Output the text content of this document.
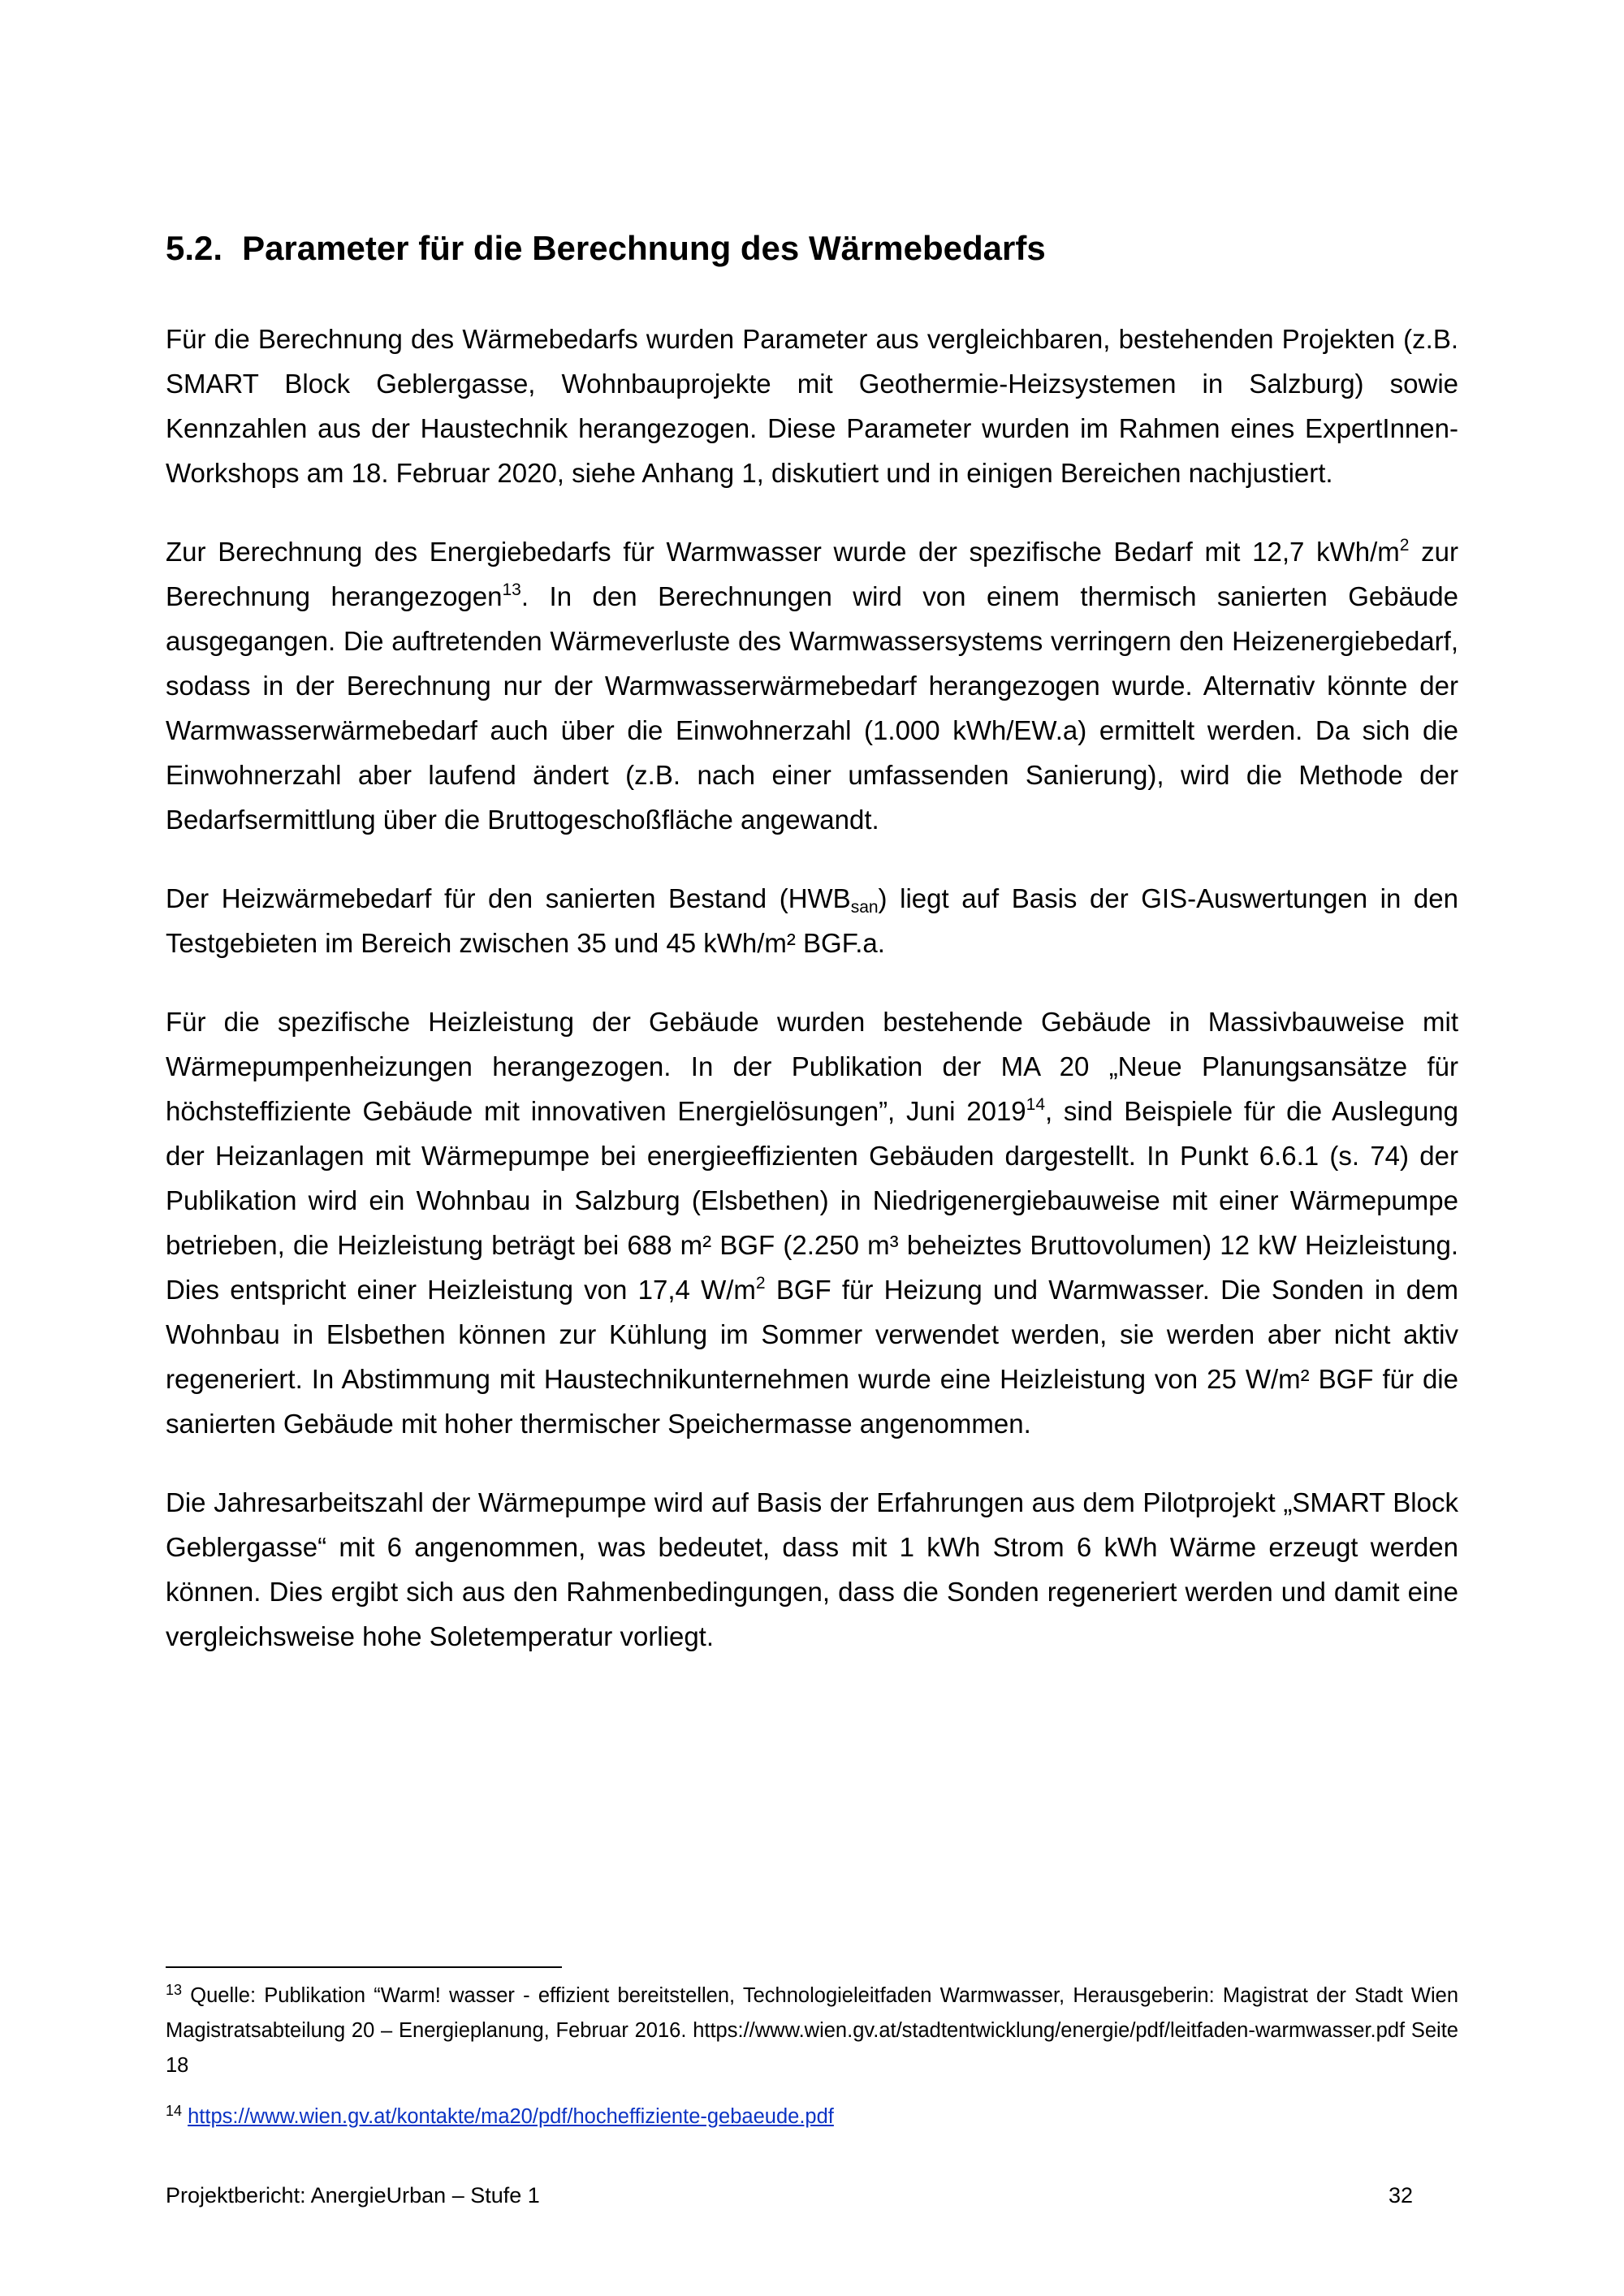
5.2. Parameter für die Berechnung des Wärmebedarfs

Für die Berechnung des Wärmebedarfs wurden Parameter aus vergleichbaren, bestehenden Projekten (z.B. SMART Block Geblergasse, Wohnbauprojekte mit Geothermie-Heizsystemen in Salzburg) sowie Kennzahlen aus der Haustechnik herangezogen. Diese Parameter wurden im Rahmen eines ExpertInnen-Workshops am 18. Februar 2020, siehe Anhang 1, diskutiert und in einigen Bereichen nachjustiert.

Zur Berechnung des Energiebedarfs für Warmwasser wurde der spezifische Bedarf mit 12,7 kWh/$m^2$ zur Berechnung herangezogen$^{13}$. In den Berechnungen wird von einem thermisch sanierten Gebäude ausgegangen. Die auftretenden Wärmeverluste des Warmwassersystems verringern den Heizenergiebedarf, sodass in der Berechnung nur der Warmwasserwärmebedarf herangezogen wurde. Alternativ könnte der Warmwasserwärmebedarf auch über die Einwohnerzahl (1.000 kWh/EW.a) ermittelt werden. Da sich die Einwohnerzahl aber laufend ändert (z.B. nach einer umfassenden Sanierung), wird die Methode der Bedarfsermittlung über die Bruttogeschoßfläche angewandt.

Der Heizwärmebedarf für den sanierten Bestand $(HWB_{san})$ liegt auf Basis der GIS-Auswertungen in den Testgebieten im Bereich zwischen 35 und 45 kWh/m² BGF.a.

Für die spezifische Heizleistung der Gebäude wurden bestehende Gebäude in Massivbauweise mit Wärmepumpenheizungen herangezogen. In der Publikation der MA 20 „Neue Planungsansätze für höchsteffiziente Gebäude mit innovativen Energielösungen”, Juni 2019$^{14}$, sind Beispiele für die Auslegung der Heizanlagen mit Wärmepumpe bei energieeffizienten Gebäuden dargestellt. In Punkt 6.6.1 (s. 74) der Publikation wird ein Wohnbau in Salzburg (Elsbethen) in Niedrigenergiebauweise mit einer Wärmepumpe betrieben, die Heizleistung beträgt bei 688 m² BGF (2.250 m³ beheiztes Bruttovolumen) 12 kW Heizleistung. Dies entspricht einer Heizleistung von 17,4 $W/m^2$ BGF für Heizung und Warmwasser. Die Sonden in dem Wohnbau in Elsbethen können zur Kühlung im Sommer verwendet werden, sie werden aber nicht aktiv regeneriert. In Abstimmung mit Haustechnikunternehmen wurde eine Heizleistung von 25 W/m² BGF für die sanierten Gebäude mit hoher thermischer Speichermasse angenommen.

Die Jahresarbeitszahl der Wärmepumpe wird auf Basis der Erfahrungen aus dem Pilotprojekt „SMART Block Geblergasse“ mit 6 angenommen, was bedeutet, dass mit 1 kWh Strom 6 kWh Wärme erzeugt werden können. Dies ergibt sich aus den Rahmenbedingungen, dass die Sonden regeneriert werden und damit eine vergleichsweise hohe Soletemperatur vorliegt.

$^{13}$ Quelle: Publikation “Warm! wasser - effizient bereitstellen, Technologieleitfaden Warmwasser, Herausgeberin: Magistrat der Stadt Wien Magistratsabteilung 20 – Energieplanung, Februar 2016. https://www.wien.gv.at/stadtentwicklung/energie/pdf/leitfaden-warmwasser.pdf Seite 18

$^{14}$ https://www.wien.gv.at/kontakte/ma20/pdf/hocheffiziente-gebaeude.pdf

Projektbericht: AnergieUrban – Stufe 1	32
